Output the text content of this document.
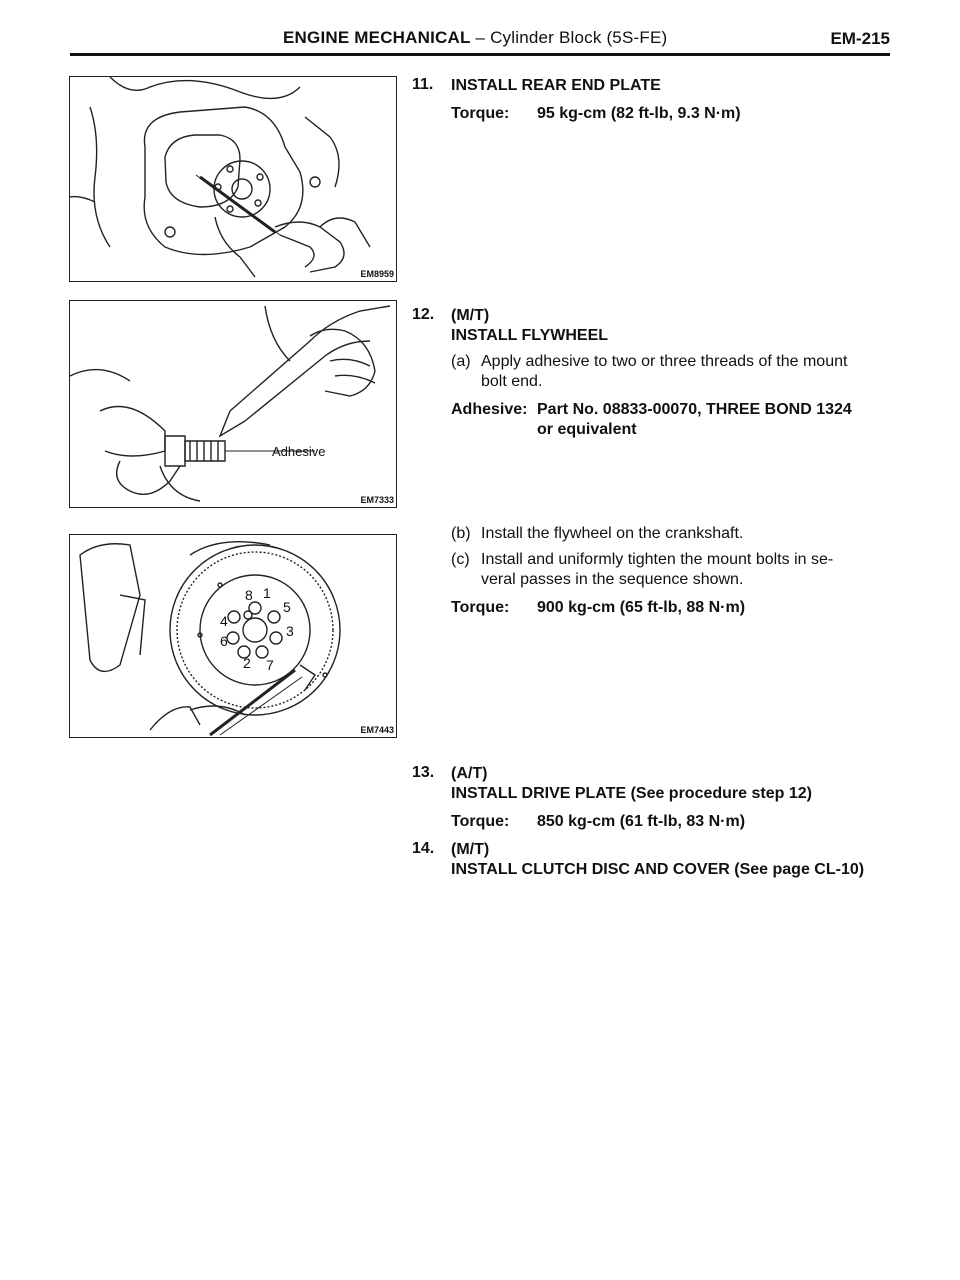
ENGINE MECHANICAL – Cylinder Block (5S-FE)	EM-215
EM8959
Adhesive
EM7333
8 1
5
4
3
6
2 7
EM7443
11. INSTALL REAR END PLATE
Torque: 95 kg-cm (82 ft-lb, 9.3 N·m)
12. (M/T)
INSTALL FLYWHEEL
(a) Apply adhesive to two or three threads of the mount
bolt end.
Adhesive: Part No. 08833-00070, THREE BOND 1324
or equivalent
(b) Install the flywheel on the crankshaft.
(c) Install and uniformly tighten the mount bolts in se-
veral passes in the sequence shown.
Torque: 900 kg-cm (65 ft-lb, 88 N·m)
13. (A/T)
INSTALL DRIVE PLATE (See procedure step 12)
Torque: 850 kg-cm (61 ft-lb, 83 N·m)
14. (M/T)
INSTALL CLUTCH DISC AND COVER (See page CL-10)
